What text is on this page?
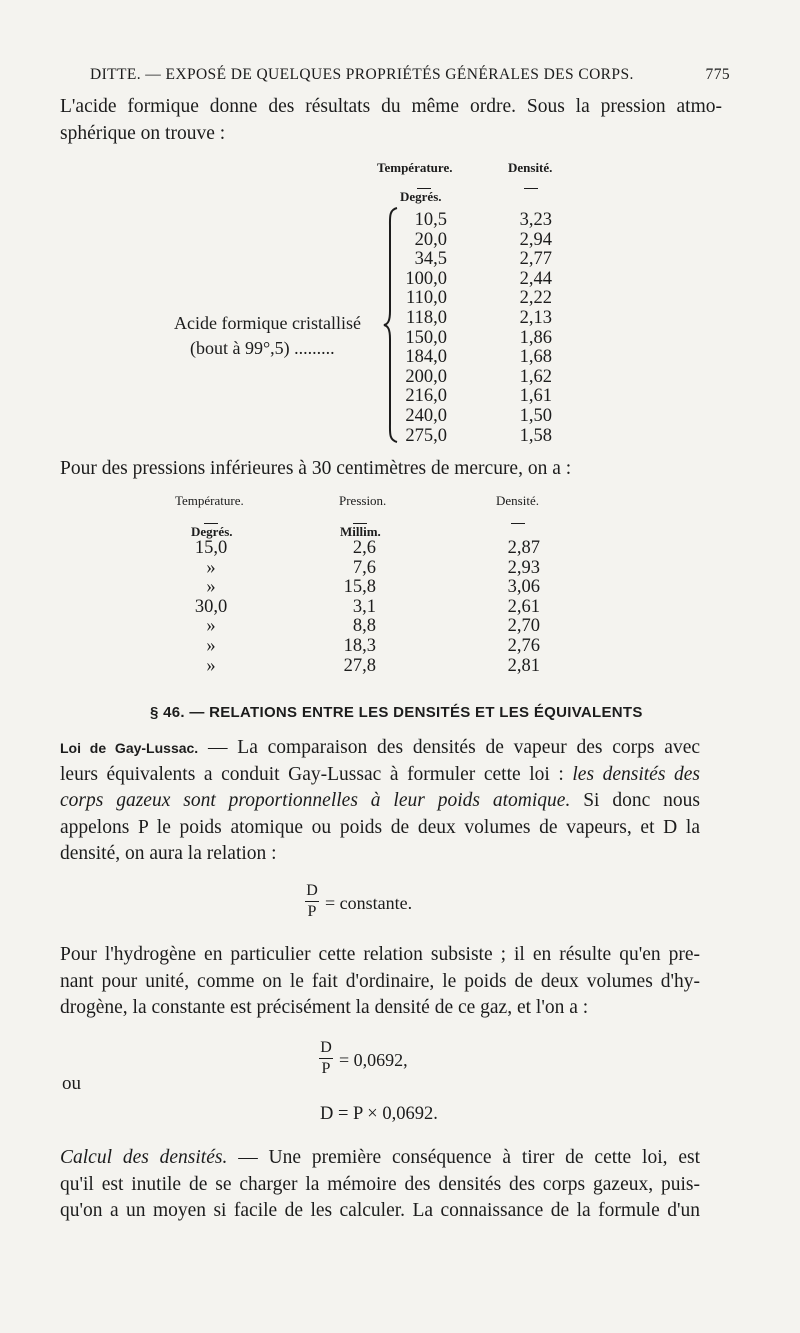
DITTE. — EXPOSÉ DE QUELQUES PROPRIÉTÉS GÉNÉRALES DES CORPS.	775
L'acide formique donne des résultats du même ordre. Sous la pression atmo-
sphérique on trouve :
Température.	Densité.
Degrés.
Acide formique cristallisé
(bout à 99°,5) .........
10,5	3,23
20,0	2,94
34,5	2,77
100,0	2,44
110,0	2,22
118,0	2,13
150,0	1,86
184,0	1,68
200,0	1,62
216,0	1,61
240,0	1,50
275,0	1,58
Pour des pressions inférieures à 30 centimètres de mercure, on a :
Température.	Pression.	Densité.
Degrés.	Millim.
15,0	2,6	2,87
»	7,6	2,93
»	15,8	3,06
30,0	3,1	2,61
»	8,8	2,70
»	18,3	2,76
»	27,8	2,81
§ 46. — RELATIONS ENTRE LES DENSITÉS ET LES ÉQUIVALENTS
Loi de Gay-Lussac. — La comparaison des densités de vapeur des corps avec
leurs équivalents a conduit Gay-Lussac à formuler cette loi : les densités des
corps gazeux sont proportionnelles à leur poids atomique. Si donc nous
appelons P le poids atomique ou poids de deux volumes de vapeurs, et D la
densité, on aura la relation :
D
P = constante.
Pour l'hydrogène en particulier cette relation subsiste ; il en résulte qu'en pre-
nant pour unité, comme on le fait d'ordinaire, le poids de deux volumes d'hy-
drogène, la constante est précisément la densité de ce gaz, et l'on a :
D
P = 0,0692,
ou
D = P × 0,0692.
Calcul des densités. — Une première conséquence à tirer de cette loi, est
qu'il est inutile de se charger la mémoire des densités des corps gazeux, puis-
qu'on a un moyen si facile de les calculer. La connaissance de la formule d'un
